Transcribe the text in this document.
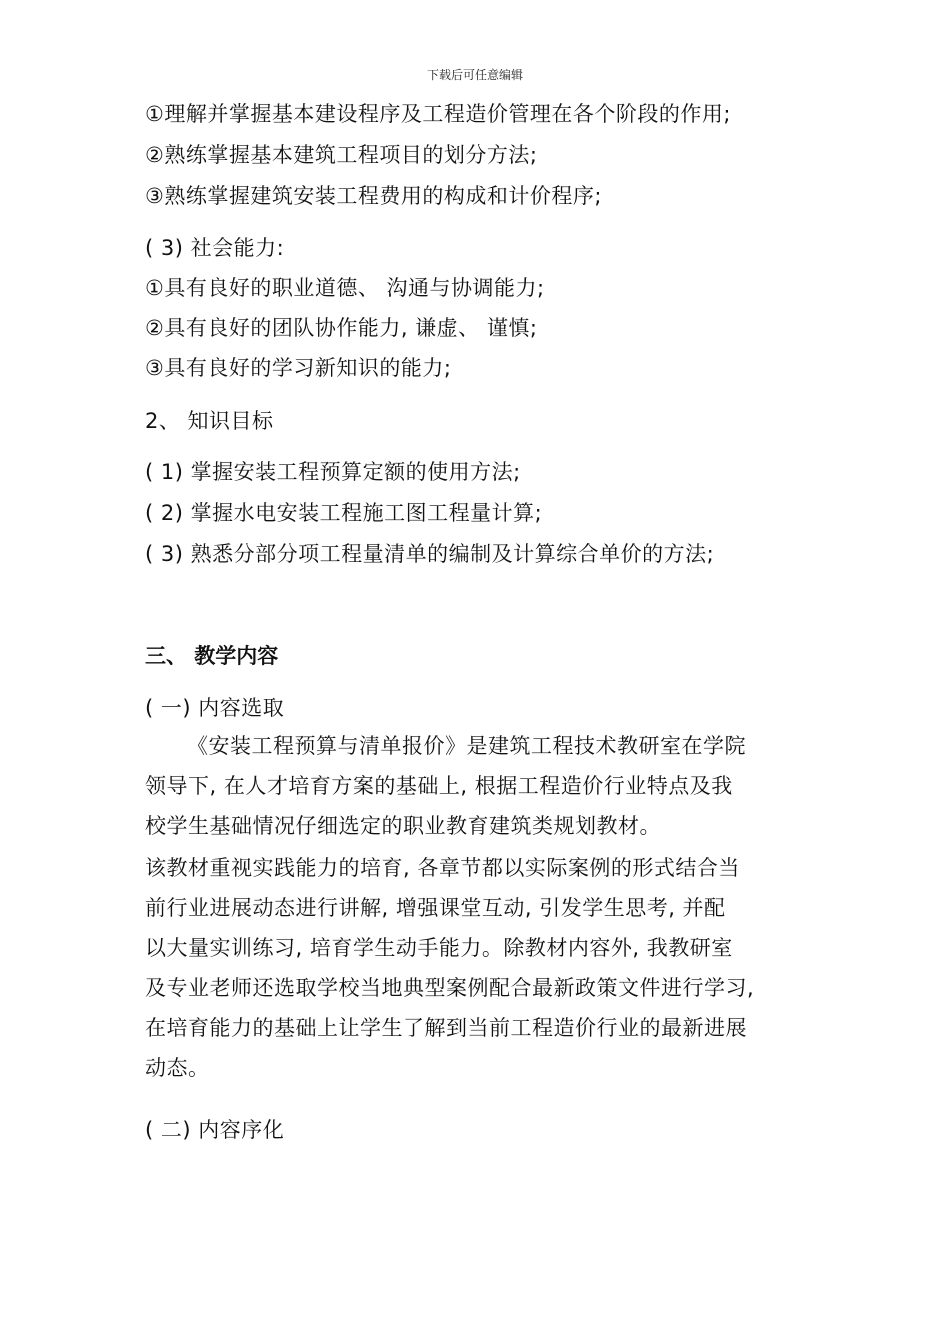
下载后可任意编辑
①理解并掌握基本建设程序及工程造价管理在各个阶段的作用;
②熟练掌握基本建筑工程项目的划分方法;
③熟练掌握建筑安装工程费用的构成和计价程序;
( 3) 社会能力:
①具有良好的职业道德、 沟通与协调能力;
②具有良好的团队协作能力, 谦虚、 谨慎;
③具有良好的学习新知识的能力;
2、 知识目标
( 1) 掌握安装工程预算定额的使用方法;
( 2) 掌握水电安装工程施工图工程量计算;
( 3) 熟悉分部分项工程量清单的编制及计算综合单价的方法;
三、 教学内容
( 一) 内容选取
《安装工程预算与清单报价》是建筑工程技术教研室在学院
领导下, 在人才培育方案的基础上, 根据工程造价行业特点及我
校学生基础情况仔细选定的职业教育建筑类规划教材。
该教材重视实践能力的培育, 各章节都以实际案例的形式结合当
前行业进展动态进行讲解, 增强课堂互动, 引发学生思考, 并配
以大量实训练习, 培育学生动手能力。除教材内容外, 我教研室
及专业老师还选取学校当地典型案例配合最新政策文件进行学习,
在培育能力的基础上让学生了解到当前工程造价行业的最新进展
动态。
( 二) 内容序化
